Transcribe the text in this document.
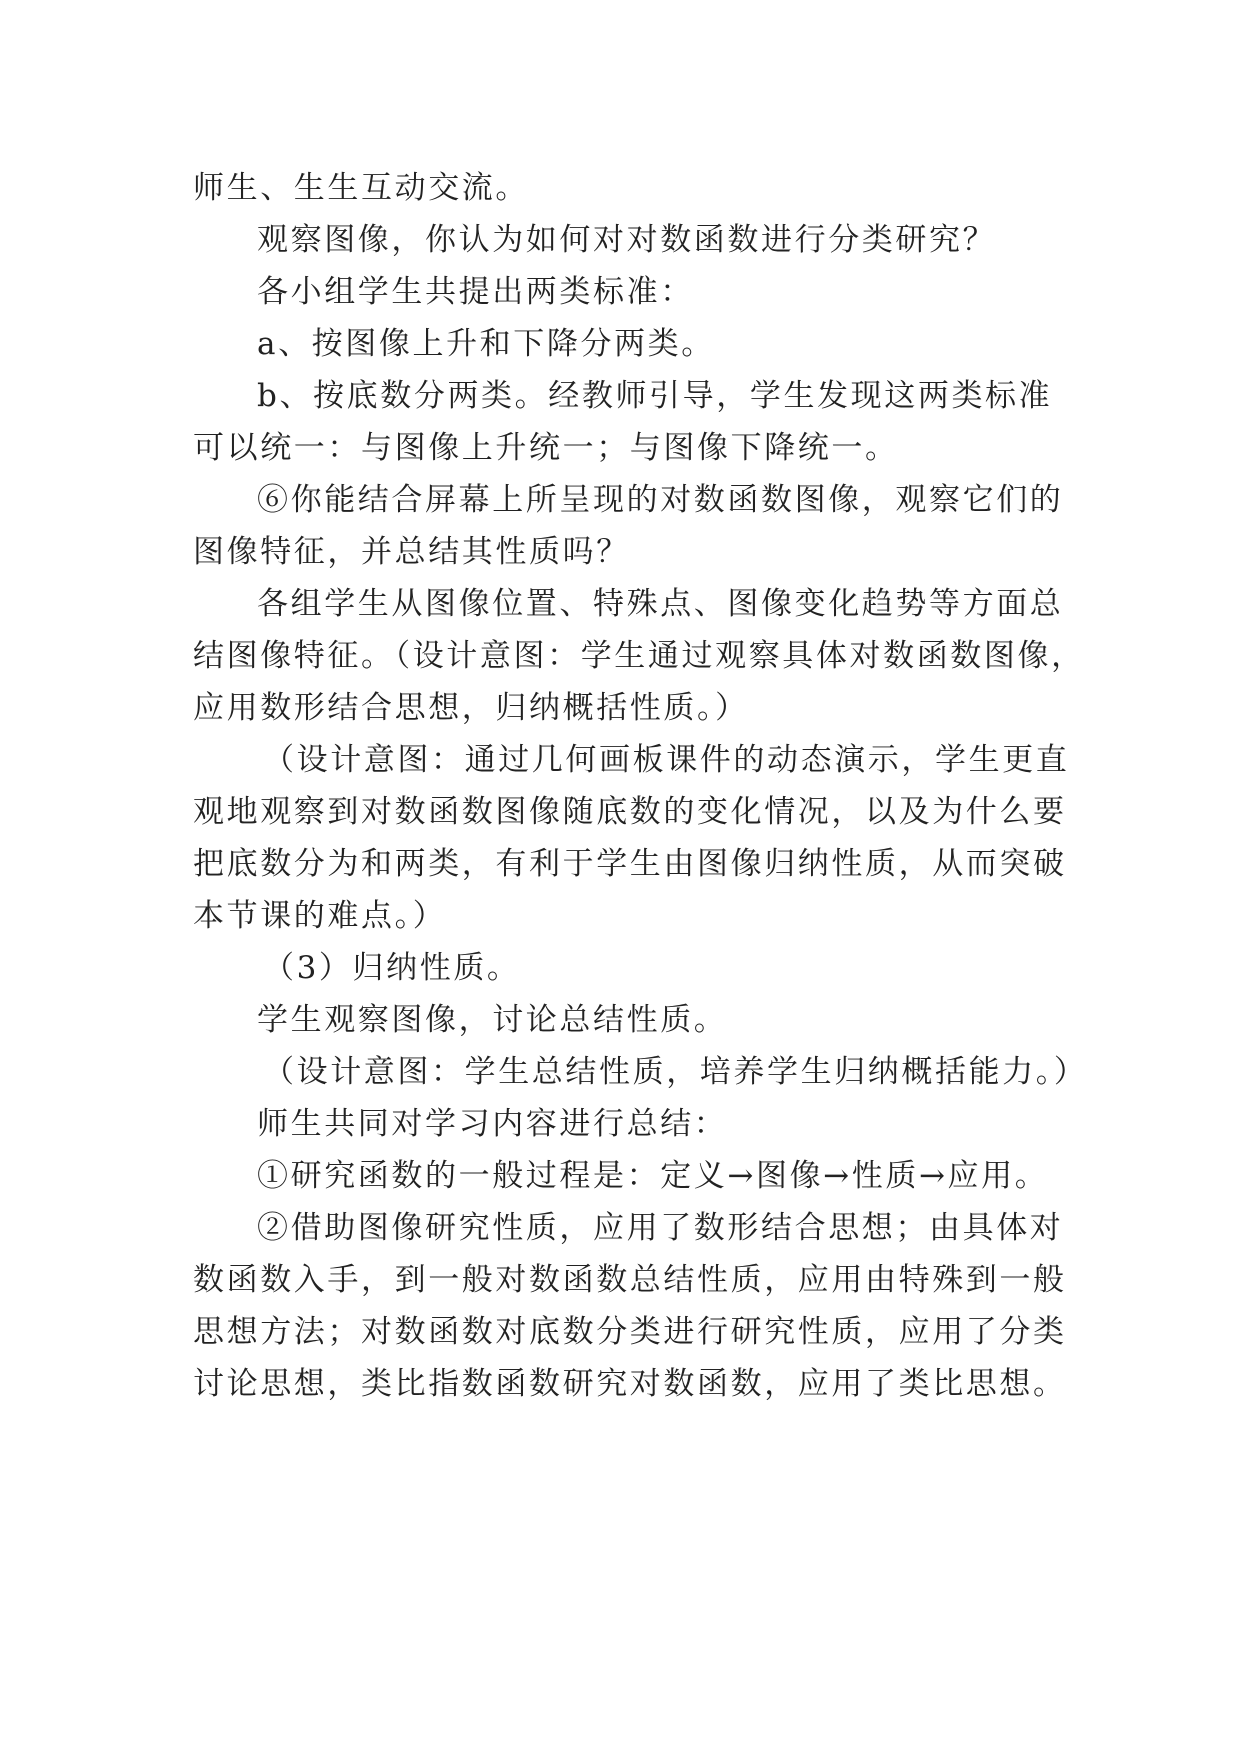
师生、生生互动交流。
观察图像，你认为如何对对数函数进行分类研究？
各小组学生共提出两类标准：
a、按图像上升和下降分两类。
b、按底数分两类。经教师引导，学生发现这两类标准
可以统一：与图像上升统一；与图像下降统一。
⑥你能结合屏幕上所呈现的对数函数图像，观察它们的
图像特征，并总结其性质吗？
各组学生从图像位置、特殊点、图像变化趋势等方面总
结图像特征。（设计意图：学生通过观察具体对数函数图像，
应用数形结合思想，归纳概括性质。）
（设计意图：通过几何画板课件的动态演示，学生更直
观地观察到对数函数图像随底数的变化情况，以及为什么要
把底数分为和两类，有利于学生由图像归纳性质，从而突破
本节课的难点。）
（3）归纳性质。
学生观察图像，讨论总结性质。
（设计意图：学生总结性质，培养学生归纳概括能力。）
师生共同对学习内容进行总结：
①研究函数的一般过程是：定义→图像→性质→应用。
②借助图像研究性质，应用了数形结合思想；由具体对
数函数入手，到一般对数函数总结性质，应用由特殊到一般
思想方法；对数函数对底数分类进行研究性质，应用了分类
讨论思想，类比指数函数研究对数函数，应用了类比思想。
